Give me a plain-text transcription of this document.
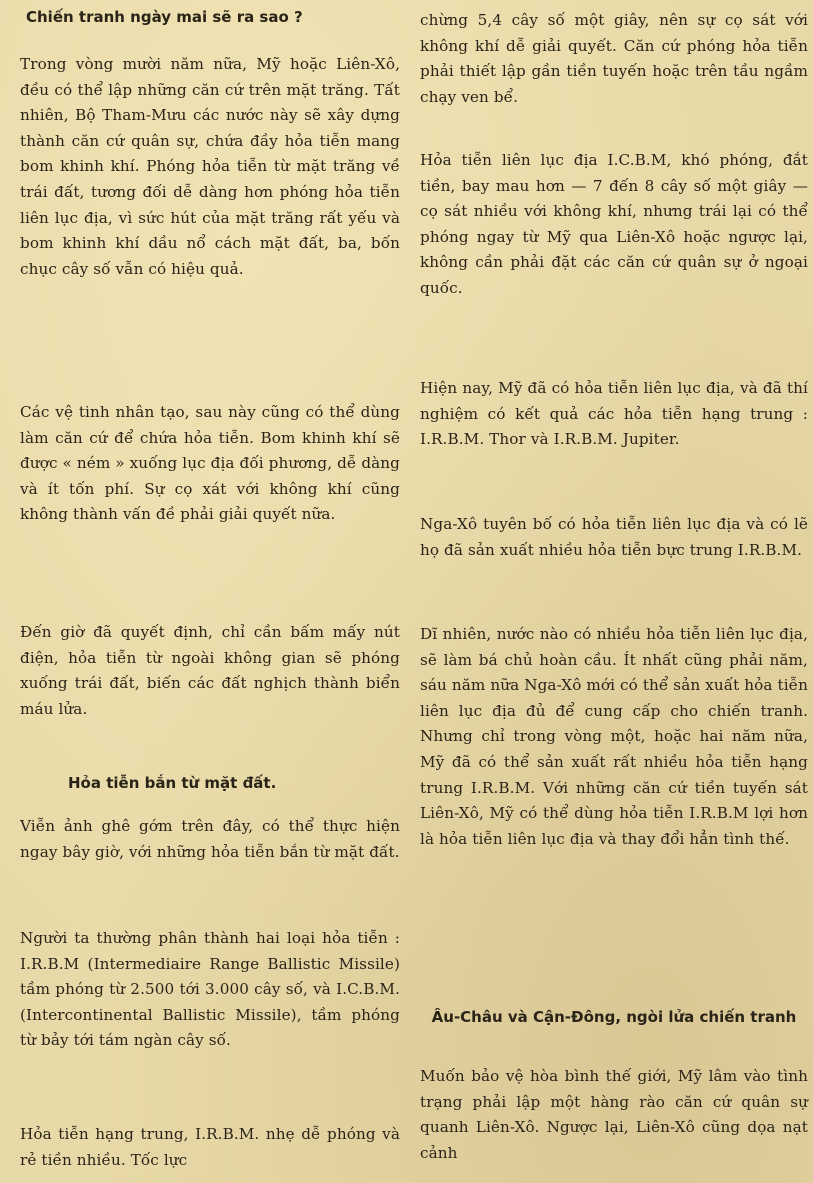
Chiến tranh ngày mai sẽ ra sao ?

Trong vòng mười năm nữa, Mỹ hoặc Liên-Xô, đều có thể lập những căn cứ trên mặt trăng. Tất nhiên, Bộ Tham-Mưu các nước này sẽ xây dựng thành căn cứ quân sự, chứa đầy hỏa tiễn mang bom khinh khí. Phóng hỏa tiễn từ mặt trăng về trái đất, tương đối dễ dàng hơn phóng hỏa tiễn liên lục địa, vì sức hút của mặt trăng rất yếu và bom khinh khí dầu nổ cách mặt đất, ba, bốn chục cây số vẫn có hiệu quả.

Các vệ tinh nhân tạo, sau này cũng có thể dùng làm căn cứ để chứa hỏa tiễn. Bom khinh khí sẽ được « ném » xuống lục địa đối phương, dễ dàng và ít tốn phí. Sự cọ xát với không khí cũng không thành vấn đề phải giải quyết nữa.

Đến giờ đã quyết định, chỉ cần bấm mấy nút điện, hỏa tiễn từ ngoài không gian sẽ phóng xuống trái đất, biến các đất nghịch thành biển máu lửa.

Hỏa tiễn bắn từ mặt đất.

Viễn ảnh ghê gớm trên đây, có thể thực hiện ngay bây giờ, với những hỏa tiễn bắn từ mặt đất.

Người ta thường phân thành hai loại hỏa tiễn : I.R.B.M (Intermediaire Range Ballistic Missile) tầm phóng từ 2.500 tới 3.000 cây số, và I.C.B.M. (Intercontinental Ballistic Missile), tầm phóng từ bảy tới tám ngàn cây số.

Hỏa tiễn hạng trung, I.R.B.M. nhẹ dễ phóng và rẻ tiền nhiều. Tốc lực

chừng 5,4 cây số một giây, nên sự cọ sát với không khí dễ giải quyết. Căn cứ phóng hỏa tiễn phải thiết lập gần tiền tuyến hoặc trên tầu ngầm chạy ven bể.

Hỏa tiễn liên lục địa I.C.B.M, khó phóng, đắt tiền, bay mau hơn — 7 đến 8 cây số một giây — cọ sát nhiều với không khí, nhưng trái lại có thể phóng ngay từ Mỹ qua Liên-Xô hoặc ngược lại, không cần phải đặt các căn cứ quân sự ở ngoại quốc.

Hiện nay, Mỹ đã có hỏa tiễn liên lục địa, và đã thí nghiệm có kết quả các hỏa tiễn hạng trung : I.R.B.M. Thor và I.R.B.M. Jupiter.

Nga-Xô tuyên bố có hỏa tiễn liên lục địa và có lẽ họ đã sản xuất nhiều hỏa tiễn bực trung I.R.B.M.

Dĩ nhiên, nước nào có nhiều hỏa tiễn liên lục địa, sẽ làm bá chủ hoàn cầu. Ít nhất cũng phải năm, sáu năm nữa Nga-Xô mới có thể sản xuất hỏa tiễn liên lục địa đủ để cung cấp cho chiến tranh. Nhưng chỉ trong vòng một, hoặc hai năm nữa, Mỹ đã có thể sản xuất rất nhiều hỏa tiễn hạng trung I.R.B.M. Với những căn cứ tiền tuyến sát Liên-Xô, Mỹ có thể dùng hỏa tiễn I.R.B.M lợi hơn là hỏa tiễn liên lục địa và thay đổi hẳn tình thế.

Âu-Châu và Cận-Đông, ngòi lửa chiến tranh

Muốn bảo vệ hòa bình thế giới, Mỹ lâm vào tình trạng phải lập một hàng rào căn cứ quân sự quanh Liên-Xô. Ngược lại, Liên-Xô cũng dọa nạt cảnh
